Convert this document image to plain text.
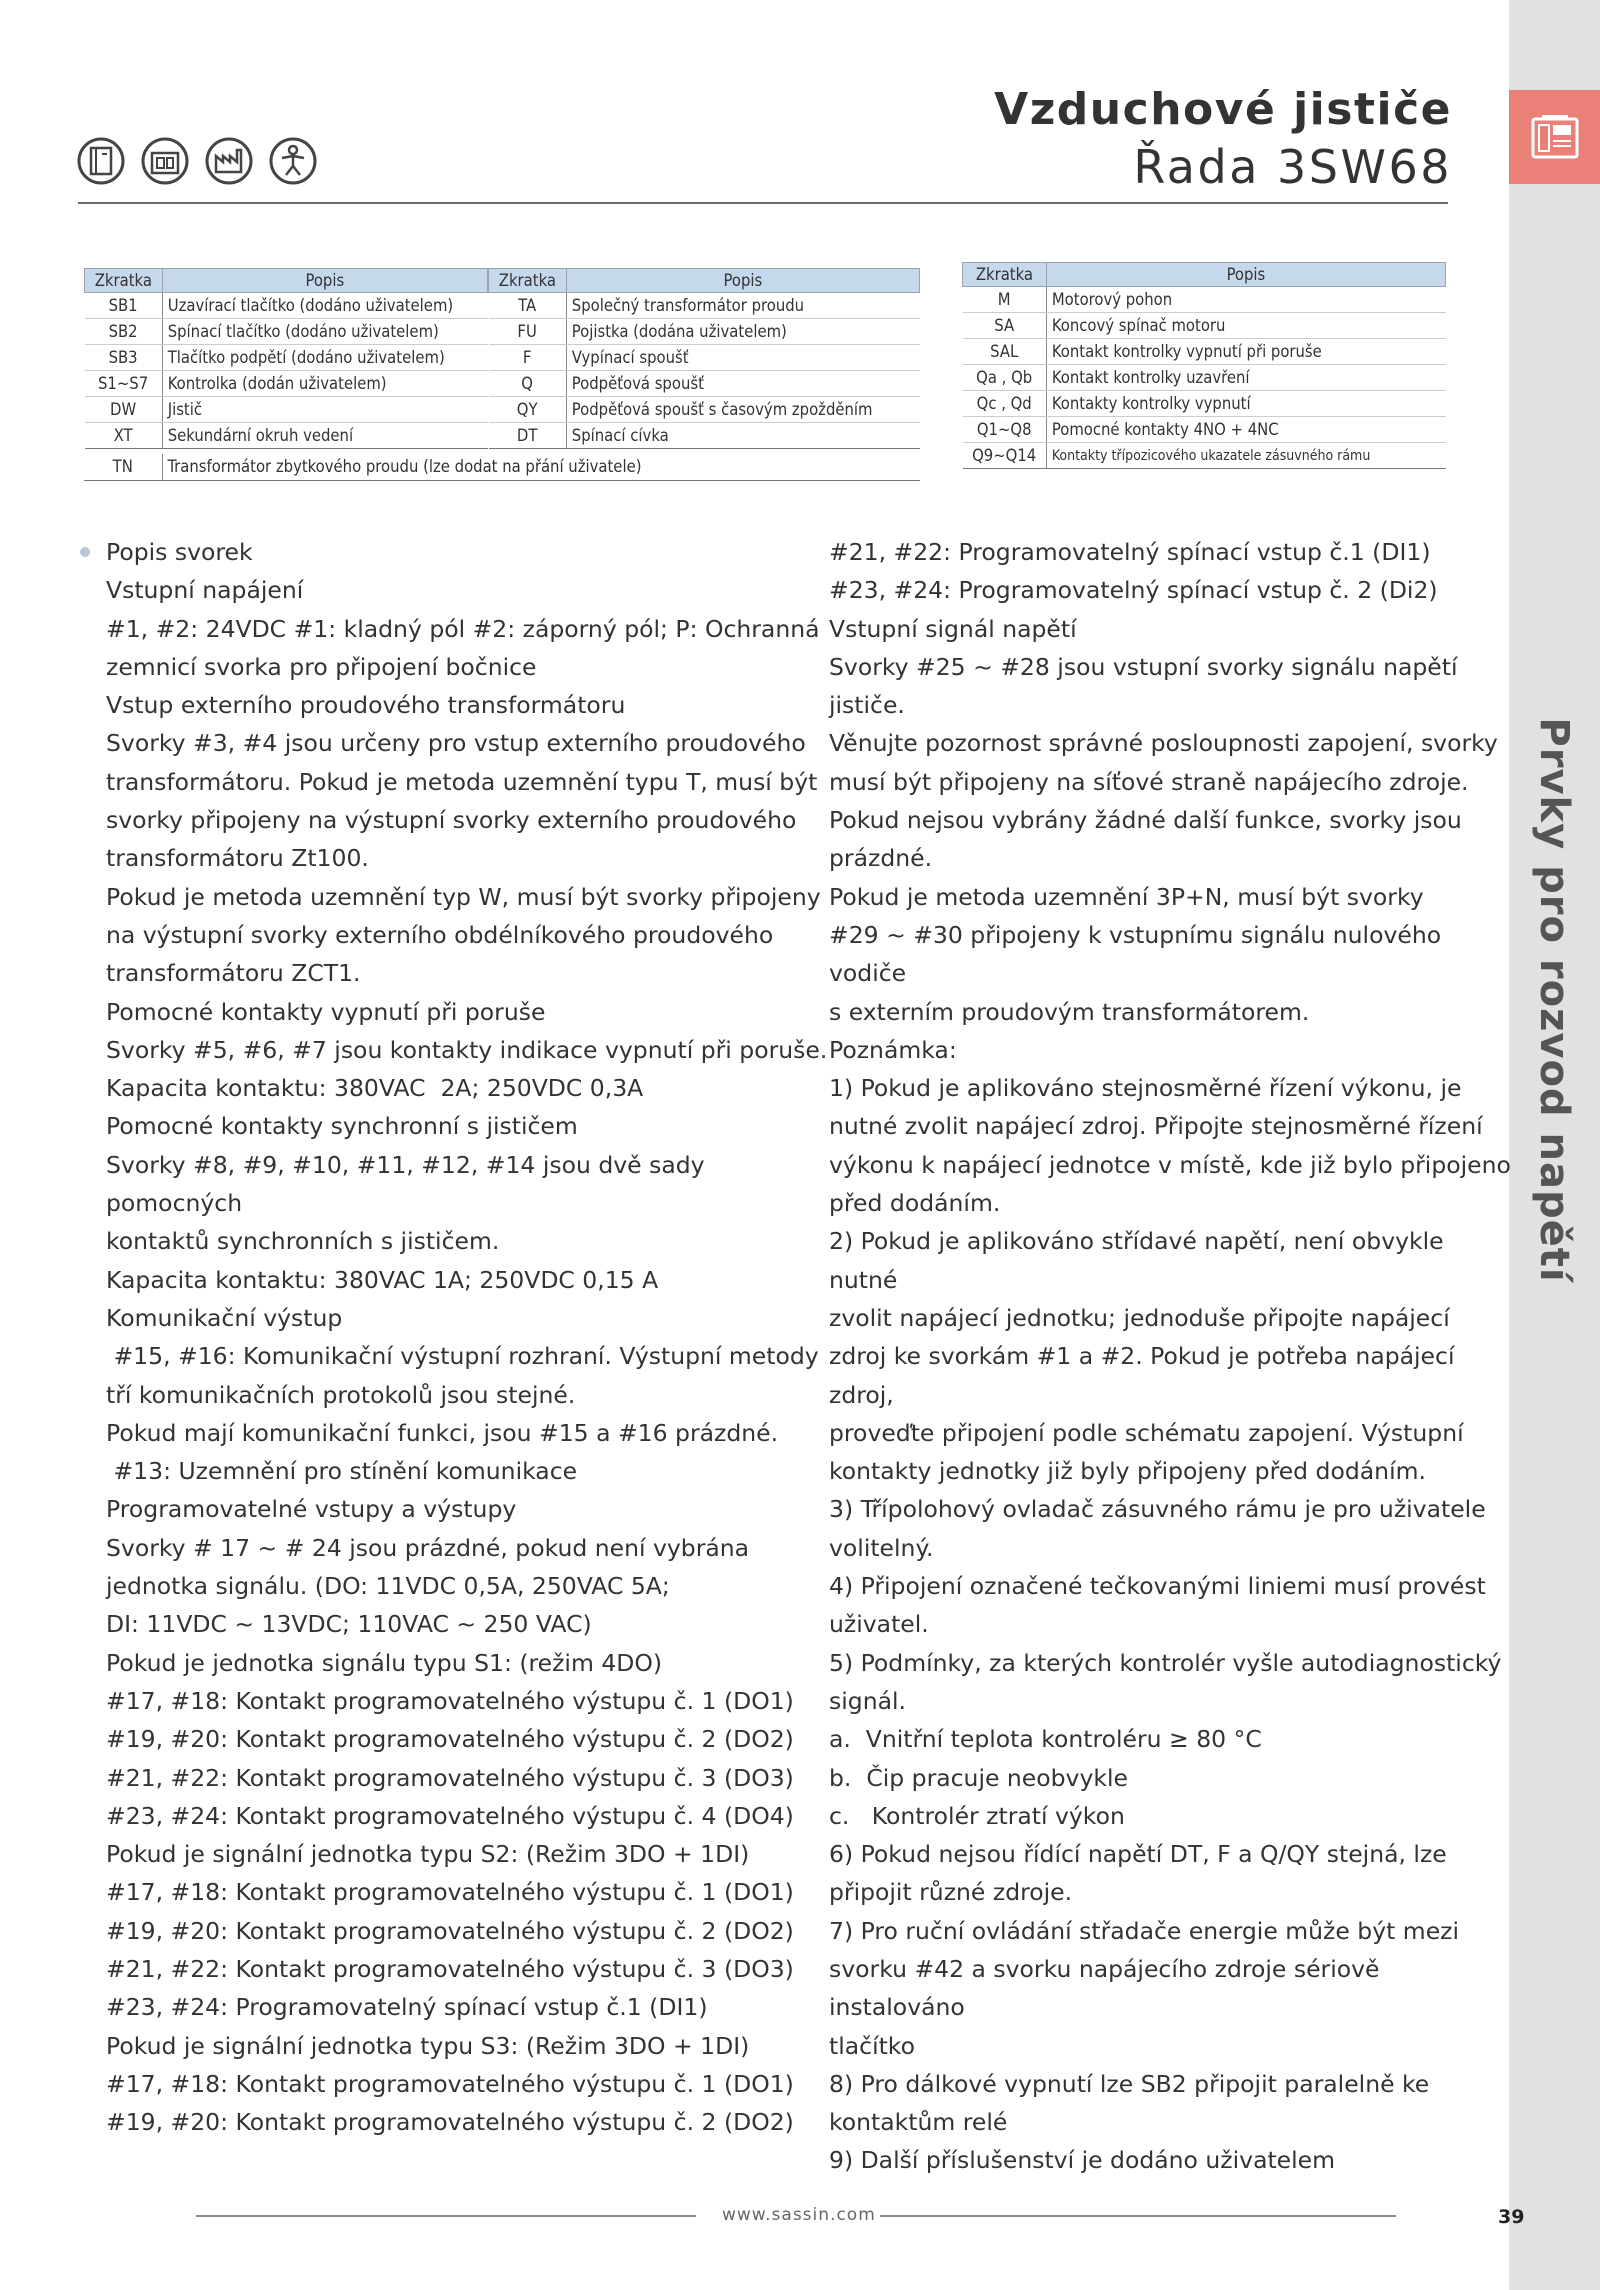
Prvky pro rozvod napětí
Vzduchové jističe
Řada 3SW68
Zkratka	Popis
SB1	Uzavírací tlačítko (dodáno uživatelem)
SB2	Spínací tlačítko (dodáno uživatelem)
SB3	Tlačítko podpětí (dodáno uživatelem)
S1~S7	Kontrolka (dodán uživatelem)
DW	Jistič
XT	Sekundární okruh vedení
Zkratka	Popis
TA	Společný transformátor proudu
FU	Pojistka (dodána uživatelem)
F	Vypínací spoušť
Q	Podpěťová spoušť
QY	Podpěťová spoušť s časovým zpožděním
DT	Spínací cívka
TN	Transformátor zbytkového proudu (lze dodat na přání uživatele)
Zkratka	Popis
M	Motorový pohon
SA	Koncový spínač motoru
SAL	Kontakt kontrolky vypnutí při poruše
Qa , Qb	Kontakt kontrolky uzavření
Qc , Qd	Kontakty kontrolky vypnutí
Q1~Q8	Pomocné kontakty 4NO + 4NC
Q9~Q14	Kontakty třípozicového ukazatele zásuvného rámu

Popis svorek

Vstupní napájení

#1, #2: 24VDC #1: kladný pól #2: záporný pól; P: Ochranná

zemnicí svorka pro připojení bočnice

Vstup externího proudového transformátoru

Svorky #3, #4 jsou určeny pro vstup externího proudového

transformátoru. Pokud je metoda uzemnění typu T, musí být

svorky připojeny na výstupní svorky externího proudového

transformátoru Zt100.

Pokud je metoda uzemnění typ W, musí být svorky připojeny

na výstupní svorky externího obdélníkového proudového

transformátoru ZCT1.

Pomocné kontakty vypnutí při poruše

Svorky #5, #6, #7 jsou kontakty indikace vypnutí při poruše.

Kapacita kontaktu: 380VAC  2A; 250VDC 0,3A

Pomocné kontakty synchronní s jističem

Svorky #8, #9, #10, #11, #12, #14 jsou dvě sady pomocných

kontaktů synchronních s jističem.

Kapacita kontaktu: 380VAC 1A; 250VDC 0,15 A

Komunikační výstup

#15, #16: Komunikační výstupní rozhraní. Výstupní metody

tří komunikačních protokolů jsou stejné.

Pokud mají komunikační funkci, jsou #15 a #16 prázdné.

#13: Uzemnění pro stínění komunikace

Programovatelné vstupy a výstupy

Svorky # 17 ~ # 24 jsou prázdné, pokud není vybrána

jednotka signálu. (DO: 11VDC 0,5A, 250VAC 5A;

DI: 11VDC ~ 13VDC; 110VAC ~ 250 VAC)

Pokud je jednotka signálu typu S1: (režim 4DO)

#17, #18: Kontakt programovatelného výstupu č. 1 (DO1)

#19, #20: Kontakt programovatelného výstupu č. 2 (DO2)

#21, #22: Kontakt programovatelného výstupu č. 3 (DO3)

#23, #24: Kontakt programovatelného výstupu č. 4 (DO4)

Pokud je signální jednotka typu S2: (Režim 3DO + 1DI)

#17, #18: Kontakt programovatelného výstupu č. 1 (DO1)

#19, #20: Kontakt programovatelného výstupu č. 2 (DO2)

#21, #22: Kontakt programovatelného výstupu č. 3 (DO3)

#23, #24: Programovatelný spínací vstup č.1 (DI1)

Pokud je signální jednotka typu S3: (Režim 3DO + 1DI)

#17, #18: Kontakt programovatelného výstupu č. 1 (DO1)

#19, #20: Kontakt programovatelného výstupu č. 2 (DO2)

#21, #22: Programovatelný spínací vstup č.1 (DI1)

#23, #24: Programovatelný spínací vstup č. 2 (Di2)

Vstupní signál napětí

Svorky #25 ~ #28 jsou vstupní svorky signálu napětí jističe.

Věnujte pozornost správné posloupnosti zapojení, svorky

musí být připojeny na síťové straně napájecího zdroje.

Pokud nejsou vybrány žádné další funkce, svorky jsou

prázdné.

Pokud je metoda uzemnění 3P+N, musí být svorky

#29 ~ #30 připojeny k vstupnímu signálu nulového vodiče

s externím proudovým transformátorem.

Poznámka:

1) Pokud je aplikováno stejnosměrné řízení výkonu, je

nutné zvolit napájecí zdroj. Připojte stejnosměrné řízení

výkonu k napájecí jednotce v místě, kde již bylo připojeno

před dodáním.

2) Pokud je aplikováno střídavé napětí, není obvykle nutné

zvolit napájecí jednotku; jednoduše připojte napájecí

zdroj ke svorkám #1 a #2. Pokud je potřeba napájecí zdroj,

proveďte připojení podle schématu zapojení. Výstupní

kontakty jednotky již byly připojeny před dodáním.

3) Třípolohový ovladač zásuvného rámu je pro uživatele

volitelný.

4) Připojení označené tečkovanými liniemi musí provést

uživatel.

5) Podmínky, za kterých kontrolér vyšle autodiagnostický

signál.

a.  Vnitřní teplota kontroléru ≥ 80 °C

b.  Čip pracuje neobvykle

c.   Kontrolér ztratí výkon

6) Pokud nejsou řídící napětí DT, F a Q/QY stejná, lze

připojit různé zdroje.

7) Pro ruční ovládání střadače energie může být mezi

svorku #42 a svorku napájecího zdroje sériově instalováno

tlačítko

8) Pro dálkové vypnutí lze SB2 připojit paralelně ke

kontaktům relé

9) Další příslušenství je dodáno uživatelem

www.sassin.com	39
